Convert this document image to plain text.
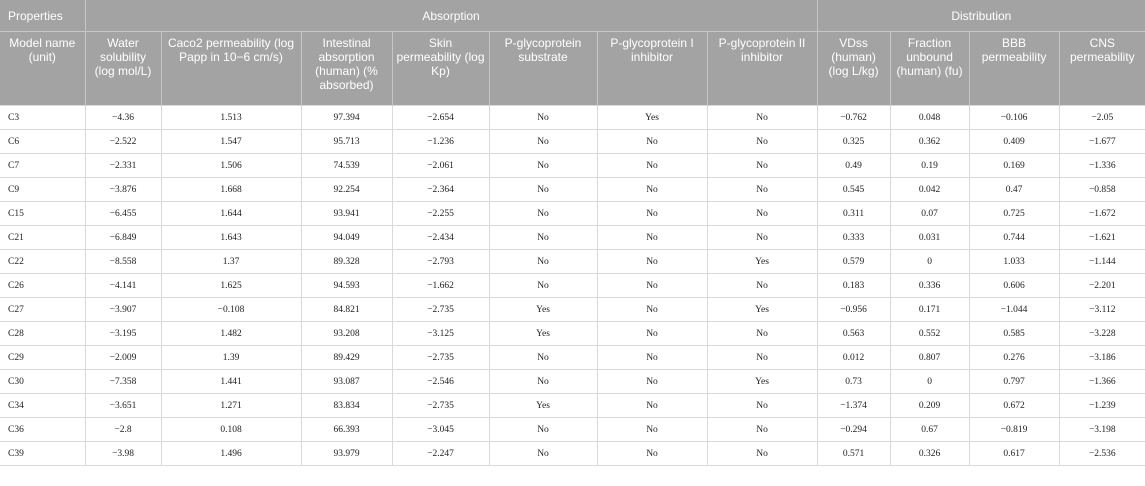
Properties	Absorption							Distribution			
Model name (unit)	Water solubility (log mol/L)	Caco2 permeability (log Papp in 10−6 cm/s)	Intestinal absorption (human) (% absorbed)	Skin permeability (log Kp)	P-glycoprotein substrate	P-glycoprotein I inhibitor	P-glycoprotein II inhibitor	VDss (human) (log L/kg)	Fraction unbound (human) (fu)	BBB permeability	CNS permeability
C3	−4.36	1.513	97.394	−2.654	No	Yes	No	−0.762	0.048	−0.106	−2.05
C6	−2.522	1.547	95.713	−1.236	No	No	No	0.325	0.362	0.409	−1.677
C7	−2.331	1.506	74.539	−2.061	No	No	No	0.49	0.19	0.169	−1.336
C9	−3.876	1.668	92.254	−2.364	No	No	No	0.545	0.042	0.47	−0.858
C15	−6.455	1.644	93.941	−2.255	No	No	No	0.311	0.07	0.725	−1.672
C21	−6.849	1.643	94.049	−2.434	No	No	No	0.333	0.031	0.744	−1.621
C22	−8.558	1.37	89.328	−2.793	No	No	Yes	0.579	0	1.033	−1.144
C26	−4.141	1.625	94.593	−1.662	No	No	No	0.183	0.336	0.606	−2.201
C27	−3.907	−0.108	84.821	−2.735	Yes	No	Yes	−0.956	0.171	−1.044	−3.112
C28	−3.195	1.482	93.208	−3.125	Yes	No	No	0.563	0.552	0.585	−3.228
C29	−2.009	1.39	89.429	−2.735	No	No	No	0.012	0.807	0.276	−3.186
C30	−7.358	1.441	93.087	−2.546	No	No	Yes	0.73	0	0.797	−1.366
C34	−3.651	1.271	83.834	−2.735	Yes	No	No	−1.374	0.209	0.672	−1.239
C36	−2.8	0.108	66.393	−3.045	No	No	No	−0.294	0.67	−0.819	−3.198
C39	−3.98	1.496	93.979	−2.247	No	No	No	0.571	0.326	0.617	−2.536
